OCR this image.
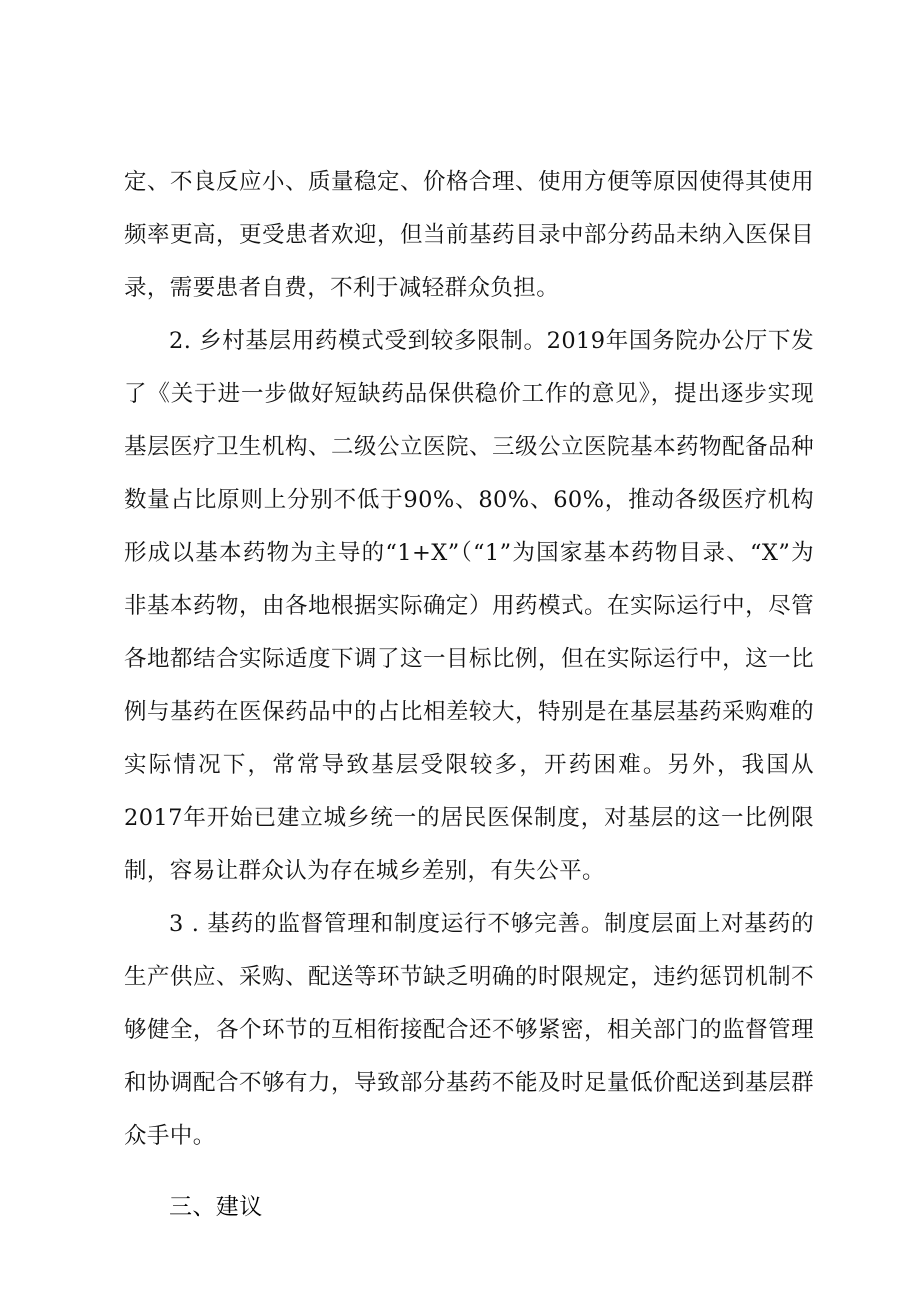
定、不良反应小、质量稳定、价格合理、使用方便等原因使得其使用频率更高，更受患者欢迎，但当前基药目录中部分药品未纳入医保目录，需要患者自费，不利于减轻群众负担。

2. 乡村基层用药模式受到较多限制。2019年国务院办公厅下发了《关于进一步做好短缺药品保供稳价工作的意见》，提出逐步实现基层医疗卫生机构、二级公立医院、三级公立医院基本药物配备品种数量占比原则上分别不低于90%、80%、60%，推动各级医疗机构形成以基本药物为主导的“1+X”（“1”为国家基本药物目录、“X”为非基本药物，由各地根据实际确定）用药模式。在实际运行中，尽管各地都结合实际适度下调了这一目标比例，但在实际运行中，这一比例与基药在医保药品中的占比相差较大，特别是在基层基药采购难的实际情况下，常常导致基层受限较多，开药困难。另外，我国从2017年开始已建立城乡统一的居民医保制度，对基层的这一比例限制，容易让群众认为存在城乡差别，有失公平。

3 . 基药的监督管理和制度运行不够完善。制度层面上对基药的生产供应、采购、配送等环节缺乏明确的时限规定，违约惩罚机制不够健全，各个环节的互相衔接配合还不够紧密，相关部门的监督管理和协调配合不够有力，导致部分基药不能及时足量低价配送到基层群众手中。

三、建议
